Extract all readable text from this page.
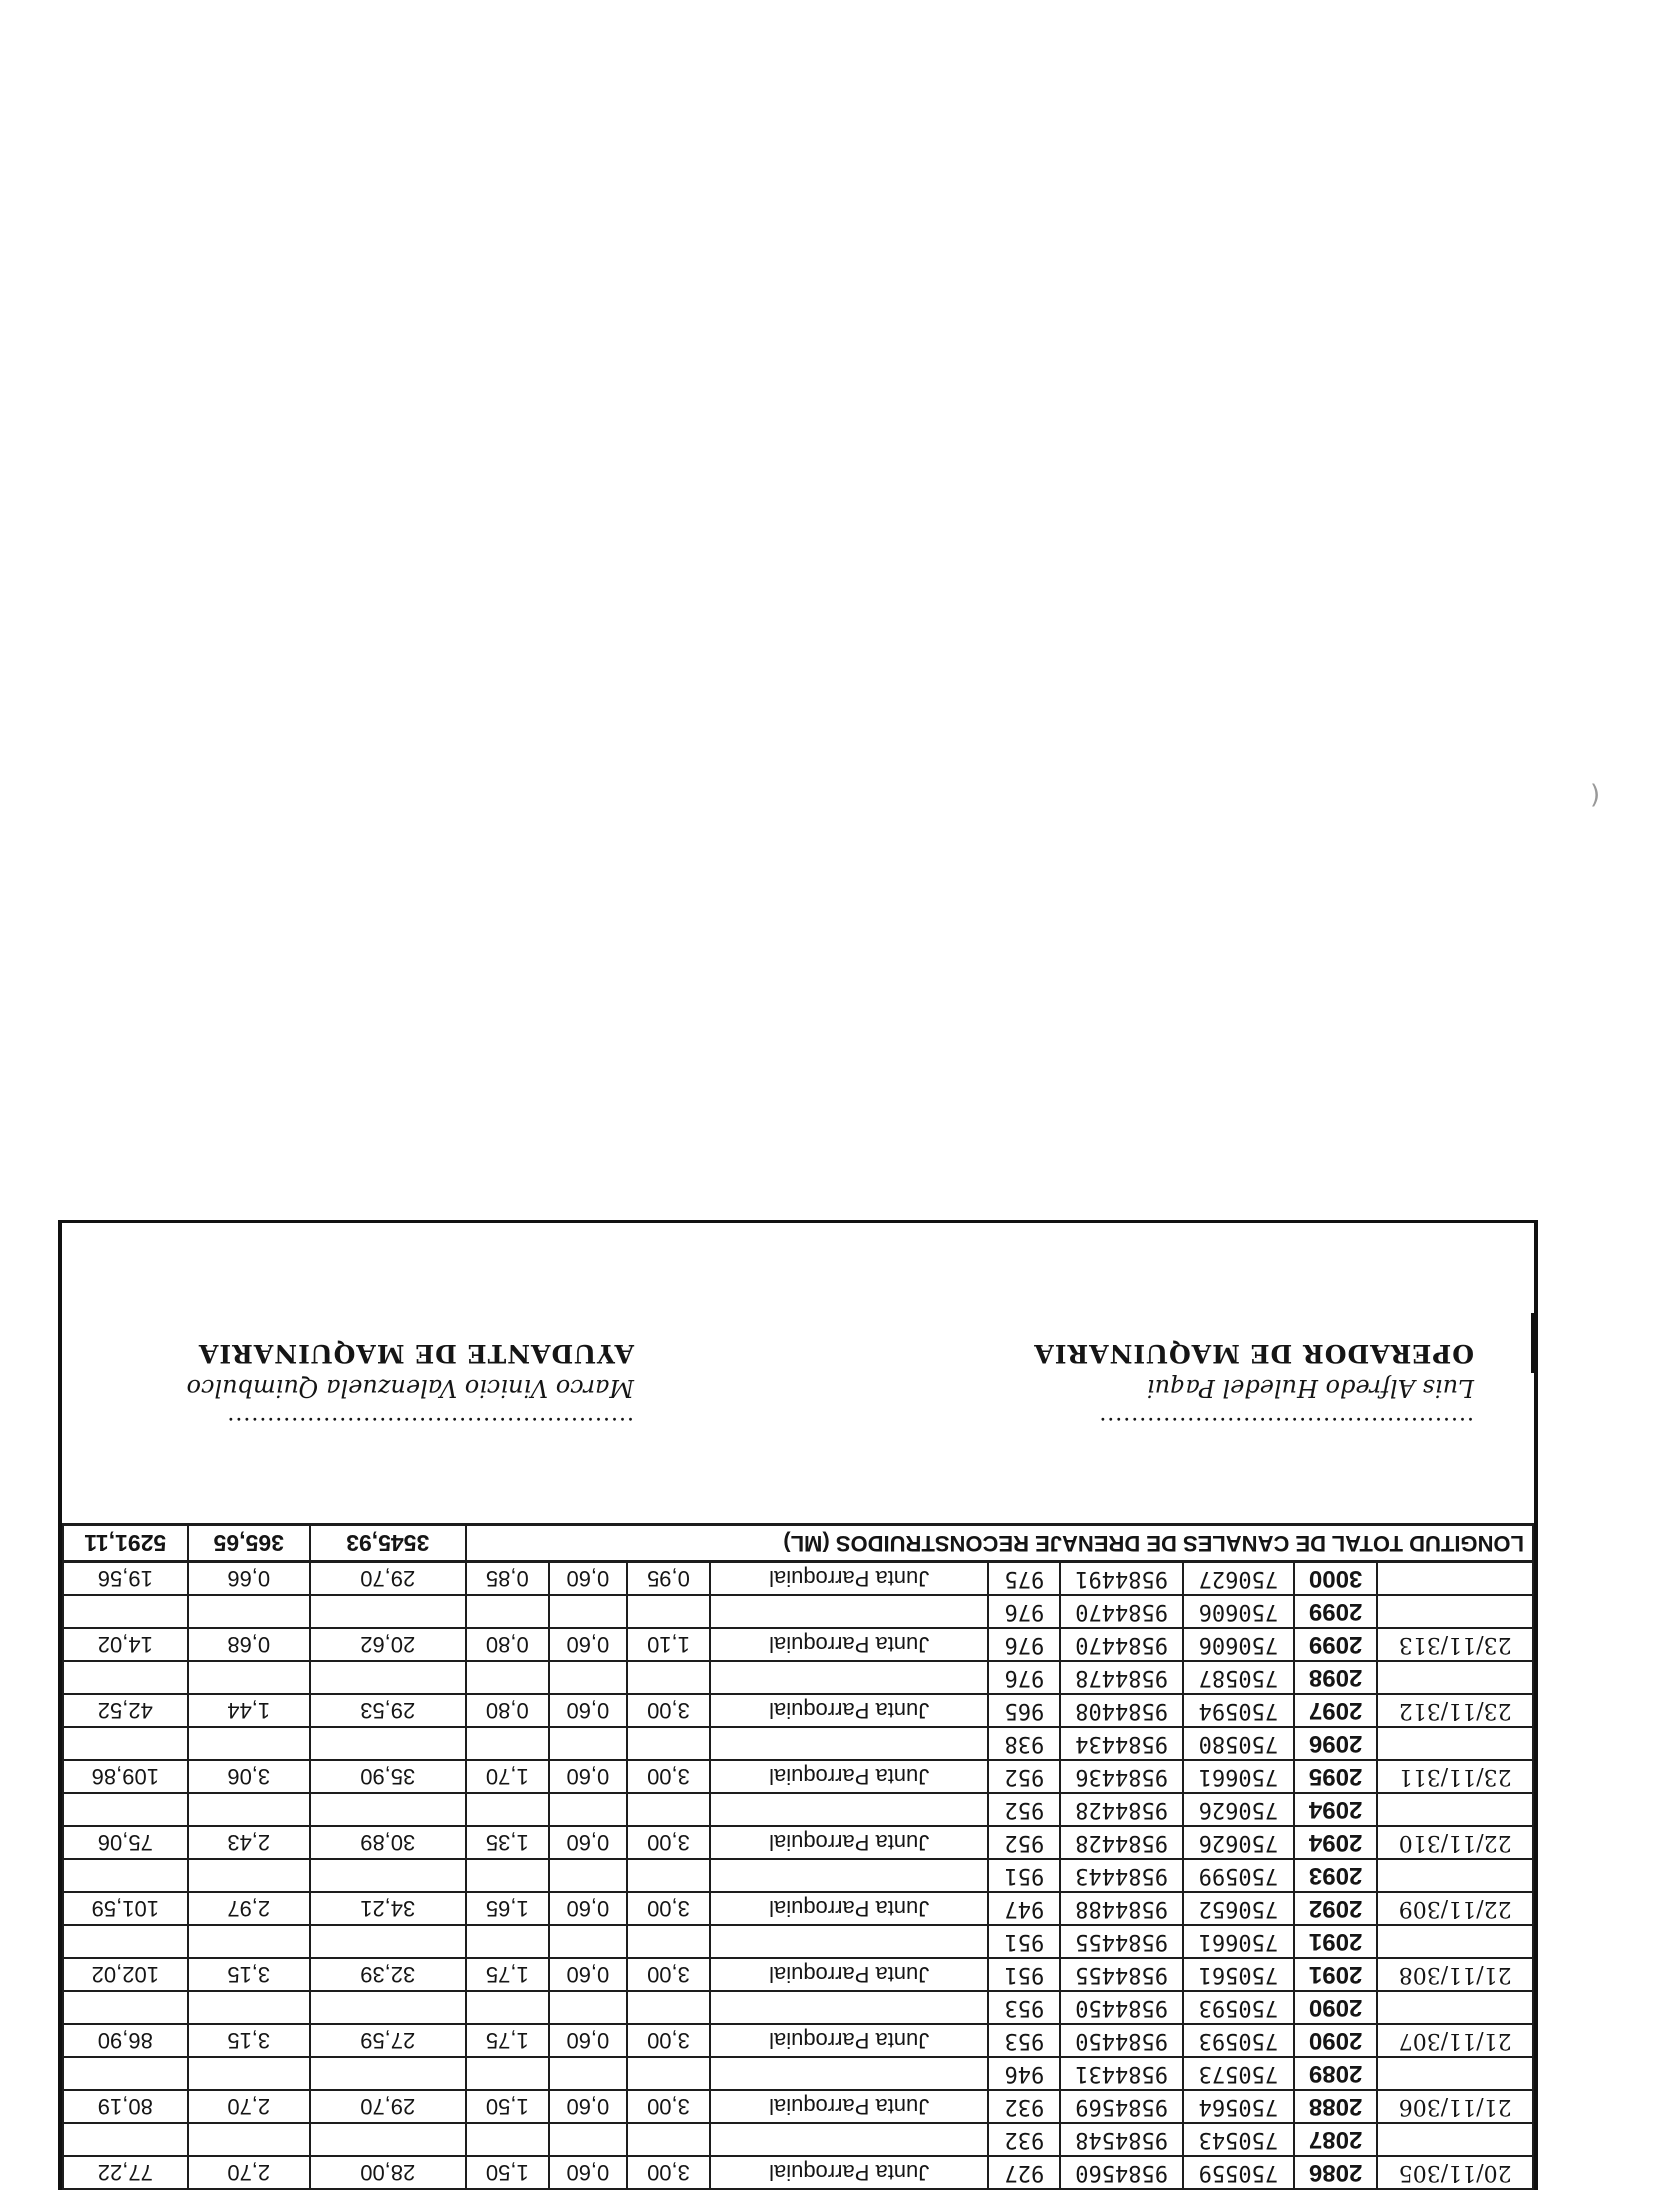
)
20/11/305	2086	750559	9584560	927	Junta Parroquial	3,00	0,60	1,50	28,00	2,70	77,22
	2087	750543	9584548	932							
21/11/306	2088	750564	9584569	932	Junta Parroquial	3,00	0,60	1,50	29,70	2,70	80,19
	2089	750573	9584431	946							
21/11/307	2090	750593	9584450	953	Junta Parroquial	3,00	0,60	1,75	27,59	3,15	86,90
	2090	750593	9584450	953							
21/11/308	2091	750561	9584455	951	Junta Parroquial	3,00	0,60	1,75	32,39	3,15	102,02
	2091	750661	9584455	951							
22/11/309	2092	750652	9584488	947	Junta Parroquial	3,00	0,60	1,65	34,21	2,97	101,59
	2093	750599	9584443	951							
22/11/310	2094	750626	9584428	952	Junta Parroquial	3,00	0,60	1,35	30,89	2,43	75,06
	2094	750626	9584428	952							
23/11/311	2095	750661	9584436	952	Junta Parroquial	3,00	0,60	1,70	35,90	3,06	109,86
	2096	750580	9584434	938							
23/11/312	2097	750594	9584408	965	Junta Parroquial	3,00	0,60	0,80	29,53	1,44	42,52
	2098	750587	9584478	976							
23/11/313	2099	750606	9584470	976	Junta Parroquial	1,10	0,60	0,80	20,62	0,68	14,02
	2099	750606	9584470	976							
	3000	750627	9584491	975	Junta Parroquial	0,95	0,60	0,85	29,70	0,66	19,56
LONGITUD TOTAL DE CANALES DE DRENAJE RECONSTRUIDOS (ML)									3545,93	365,65	5291,11
...............................................
Luis Alfredo Huledel Paqui
OPERADOR DE MAQUINARIA
...................................................
Marco Vinicio Valenzuela Quimbulco
AYUDANTE DE MAQUINARIA
